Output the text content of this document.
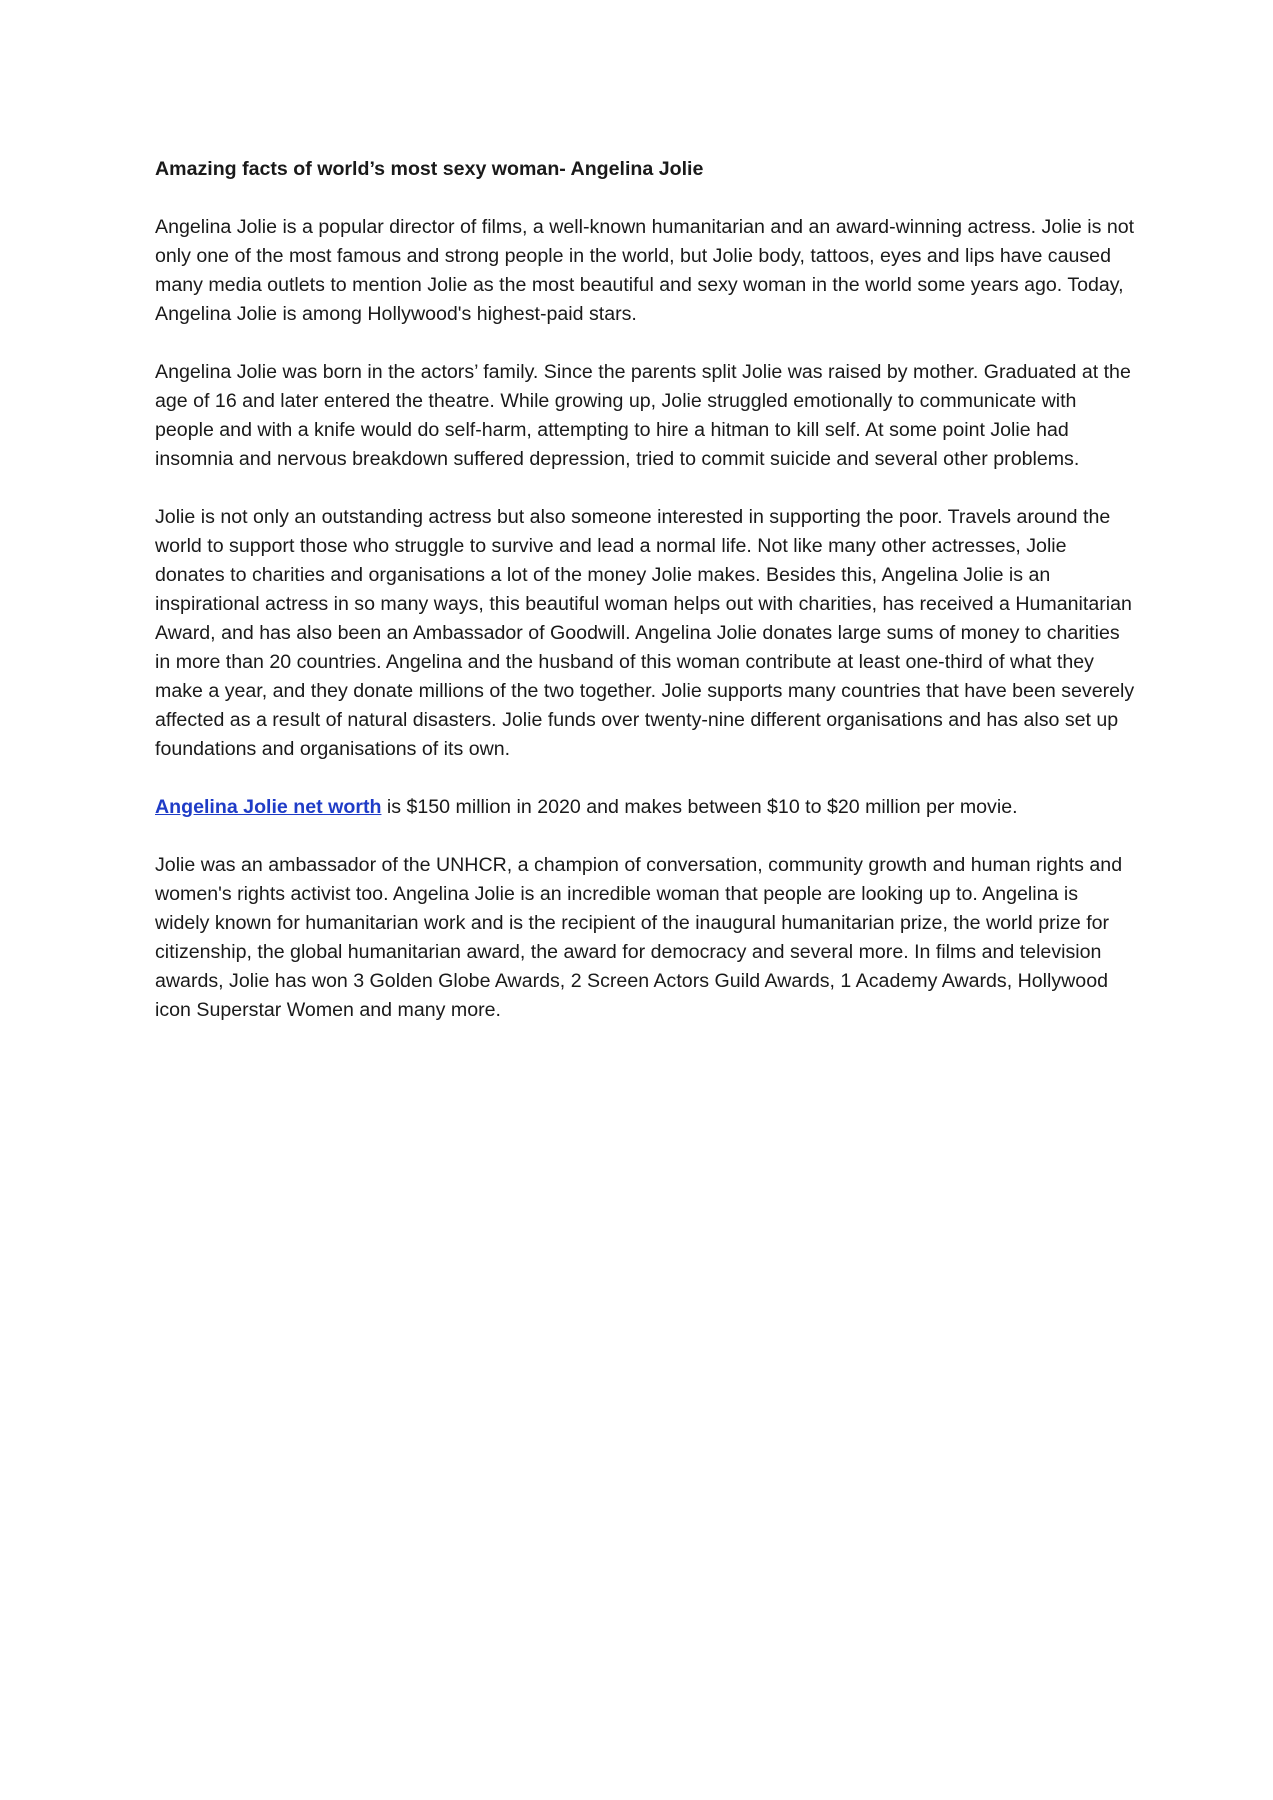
Amazing facts of world’s most sexy woman- Angelina Jolie

Angelina Jolie is a popular director of films, a well-known humanitarian and an award-winning actress. Jolie is not only one of the most famous and strong people in the world, but Jolie body, tattoos, eyes and lips have caused many media outlets to mention Jolie as the most beautiful and sexy woman in the world some years ago. Today, Angelina Jolie is among Hollywood's highest-paid stars.

Angelina Jolie was born in the actors’ family. Since the parents split Jolie was raised by mother. Graduated at the age of 16 and later entered the theatre. While growing up, Jolie struggled emotionally to communicate with people and with a knife would do self-harm, attempting to hire a hitman to kill self. At some point Jolie had insomnia and nervous breakdown suffered depression, tried to commit suicide and several other problems.

Jolie is not only an outstanding actress but also someone interested in supporting the poor. Travels around the world to support those who struggle to survive and lead a normal life. Not like many other actresses, Jolie donates to charities and organisations a lot of the money Jolie makes. Besides this, Angelina Jolie is an inspirational actress in so many ways, this beautiful woman helps out with charities, has received a Humanitarian Award, and has also been an Ambassador of Goodwill. Angelina Jolie donates large sums of money to charities in more than 20 countries. Angelina and the husband of this woman contribute at least one-third of what they make a year, and they donate millions of the two together. Jolie supports many countries that have been severely affected as a result of natural disasters. Jolie funds over twenty-nine different organisations and has also set up foundations and organisations of its own.

Angelina Jolie net worth is $150 million in 2020 and makes between $10 to $20 million per movie.

Jolie was an ambassador of the UNHCR, a champion of conversation, community growth and human rights and women's rights activist too. Angelina Jolie is an incredible woman that people are looking up to. Angelina is widely known for humanitarian work and is the recipient of the inaugural humanitarian prize, the world prize for citizenship, the global humanitarian award, the award for democracy and several more. In films and television awards, Jolie has won 3 Golden Globe Awards, 2 Screen Actors Guild Awards, 1 Academy Awards, Hollywood icon Superstar Women and many more.
